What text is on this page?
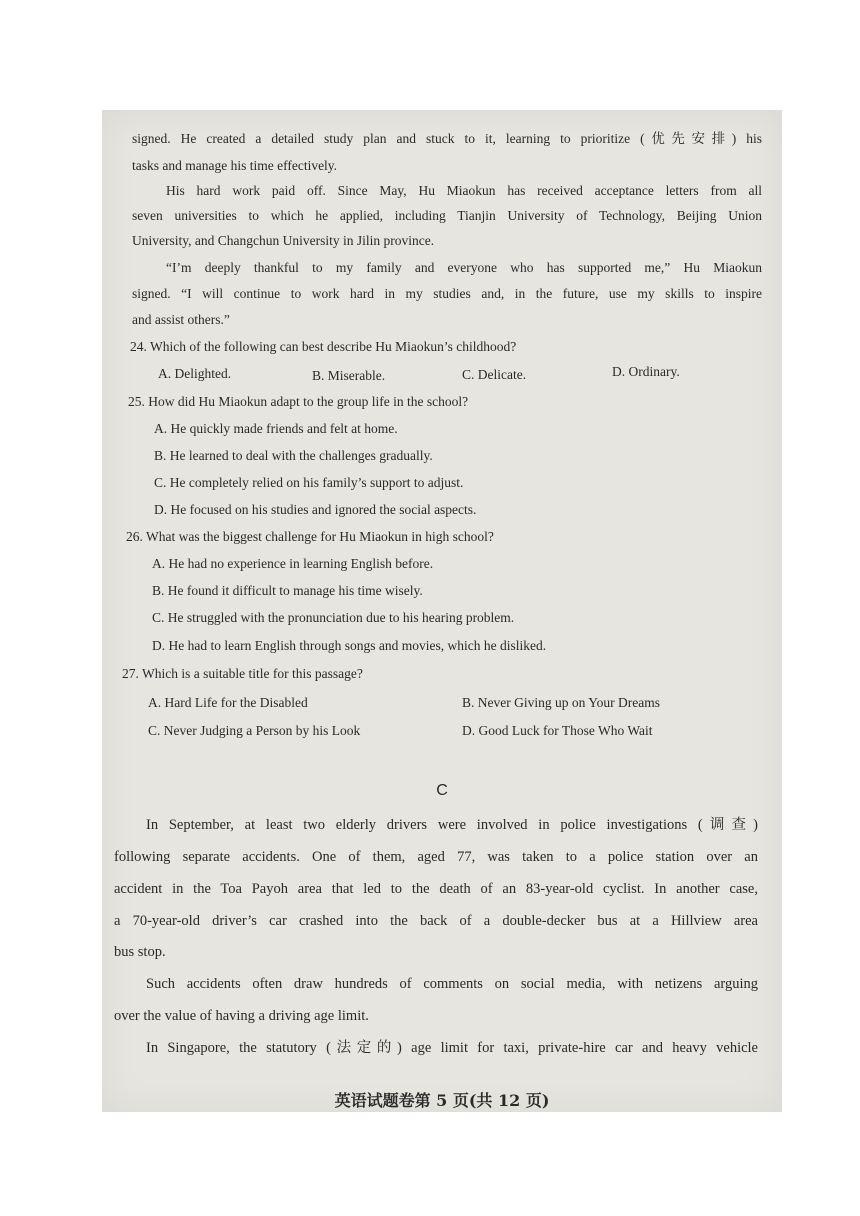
signed. He created a detailed study plan and stuck to it, learning to prioritize (优先安排) his
tasks and manage his time effectively.
His hard work paid off. Since May, Hu Miaokun has received acceptance letters from all
seven universities to which he applied, including Tianjin University of Technology, Beijing Union
University, and Changchun University in Jilin province.
“I’m deeply thankful to my family and everyone who has supported me,” Hu Miaokun
signed. “I will continue to work hard in my studies and, in the future, use my skills to inspire
and assist others.”
24. Which of the following can best describe Hu Miaokun’s childhood?
A. Delighted.	B. Miserable.	C. Delicate.	D. Ordinary.
25. How did Hu Miaokun adapt to the group life in the school?
A. He quickly made friends and felt at home.
B. He learned to deal with the challenges gradually.
C. He completely relied on his family’s support to adjust.
D. He focused on his studies and ignored the social aspects.
26. What was the biggest challenge for Hu Miaokun in high school?
A. He had no experience in learning English before.
B. He found it difficult to manage his time wisely.
C. He struggled with the pronunciation due to his hearing problem.
D. He had to learn English through songs and movies, which he disliked.
27. Which is a suitable title for this passage?
A. Hard Life for the Disabled	B. Never Giving up on Your Dreams
C. Never Judging a Person by his Look	D. Good Luck for Those Who Wait
C
In September, at least two elderly drivers were involved in police investigations (调查)
following separate accidents. One of them, aged 77, was taken to a police station over an
accident in the Toa Payoh area that led to the death of an 83-year-old cyclist. In another case,
a 70-year-old driver’s car crashed into the back of a double-decker bus at a Hillview area
bus stop.
Such accidents often draw hundreds of comments on social media, with netizens arguing
over the value of having a driving age limit.
In Singapore, the statutory (法定的) age limit for taxi, private-hire car and heavy vehicle
英语试题卷第 5 页(共 12 页)
